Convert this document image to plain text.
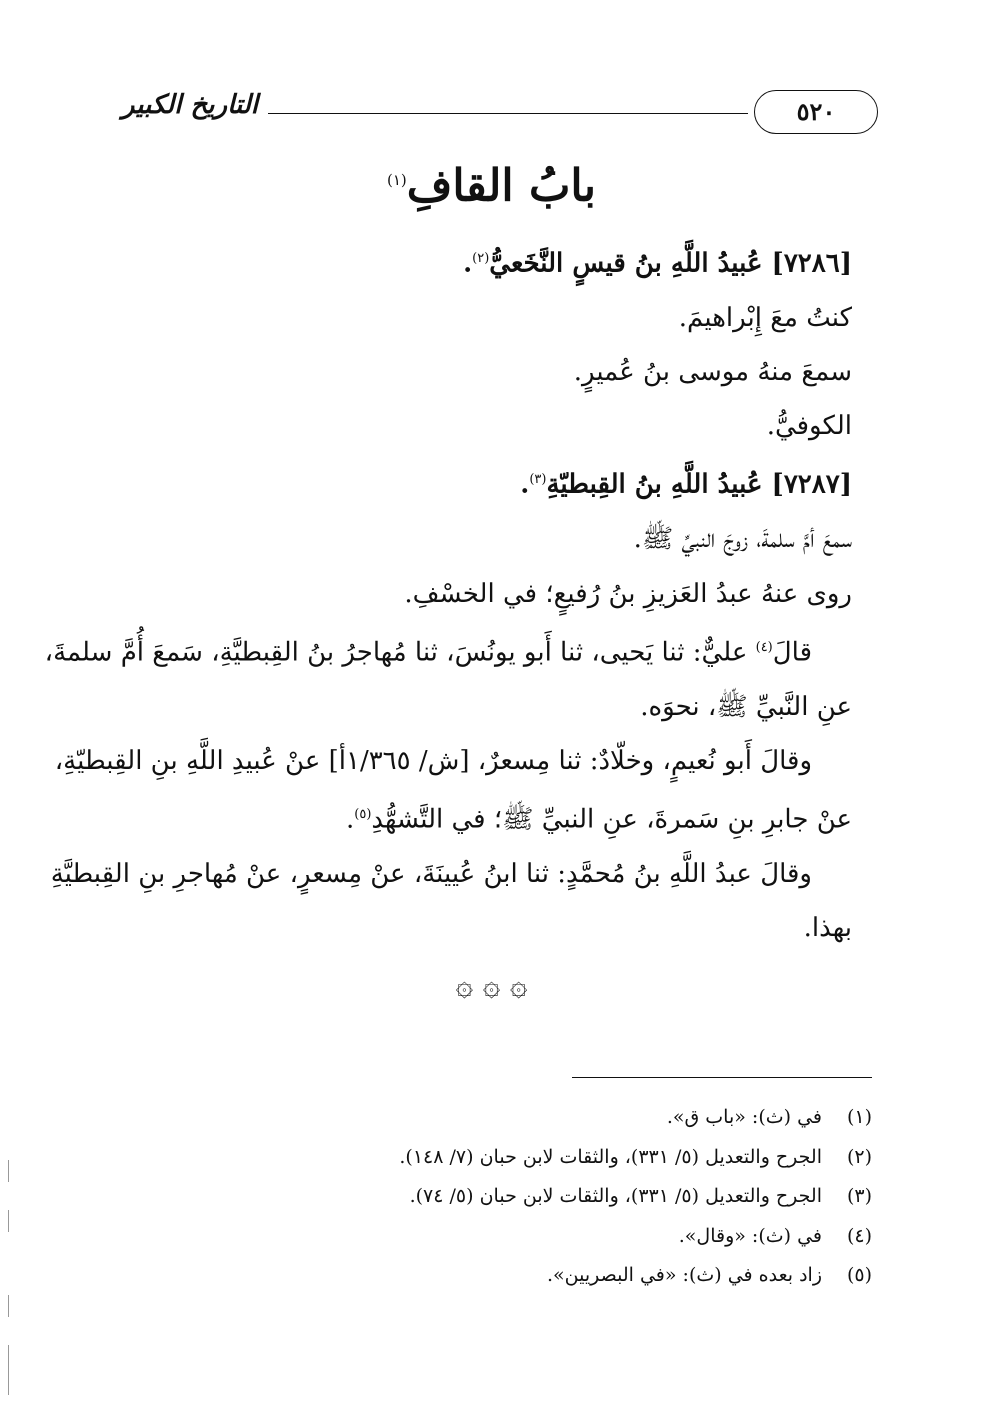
التاريخ الكبير	٥٢٠
بابُ القافِ$^{(١)}$
[٧٢٨٦] عُبيدُ اللَّهِ بنُ قيسٍ النَّخَعيُّ$^{(٢)}$.
كنتُ معَ إِبْراهيمَ.
سمعَ منهُ موسى بنُ عُميرٍ.
الكوفيُّ.
[٧٢٨٧] عُبيدُ اللَّهِ بنُ القِبطيّةِ$^{(٣)}$.
سمعَ أمَّ سلمةَ، زوجَ النبيِّ ﷺ.
روى عنهُ عبدُ العَزيزِ بنُ رُفيعٍ؛ في الخسْفِ.
قالَ$^{(٤)}$ عليٌّ: ثنا يَحيى، ثنا أَبو يونُسَ، ثنا مُهاجرُ بنُ القِبطيَّةِ، سَمعَ أُمَّ سلمةَ،
عنِ النَّبيِّ ﷺ، نحوَه.
وقالَ أَبو نُعيمٍ، وخلّادٌ: ثنا مِسعرٌ، [ش/ ١/٣٦٥أ] عنْ عُبيدِ اللَّهِ بنِ القِبطيّةِ،
عنْ جابرِ بنِ سَمرةَ، عنِ النبيِّ ﷺ؛ في التَّشهُّدِ$^{(٥)}$.
وقالَ عبدُ اللَّهِ بنُ مُحمَّدٍ: ثنا ابنُ عُيينَةَ، عنْ مِسعرٍ، عنْ مُهاجرِ بنِ القِبطيَّةِ
بهذا.
۞ ۞ ۞
(١)في (ث): «باب ق».
(٢)الجرح والتعديل (٥/ ٣٣١)، والثقات لابن حبان (٧/ ١٤٨).
(٣)الجرح والتعديل (٥/ ٣٣١)، والثقات لابن حبان (٥/ ٧٤).
(٤)في (ث): «وقال».
(٥)زاد بعده في (ث): «في البصريين».
